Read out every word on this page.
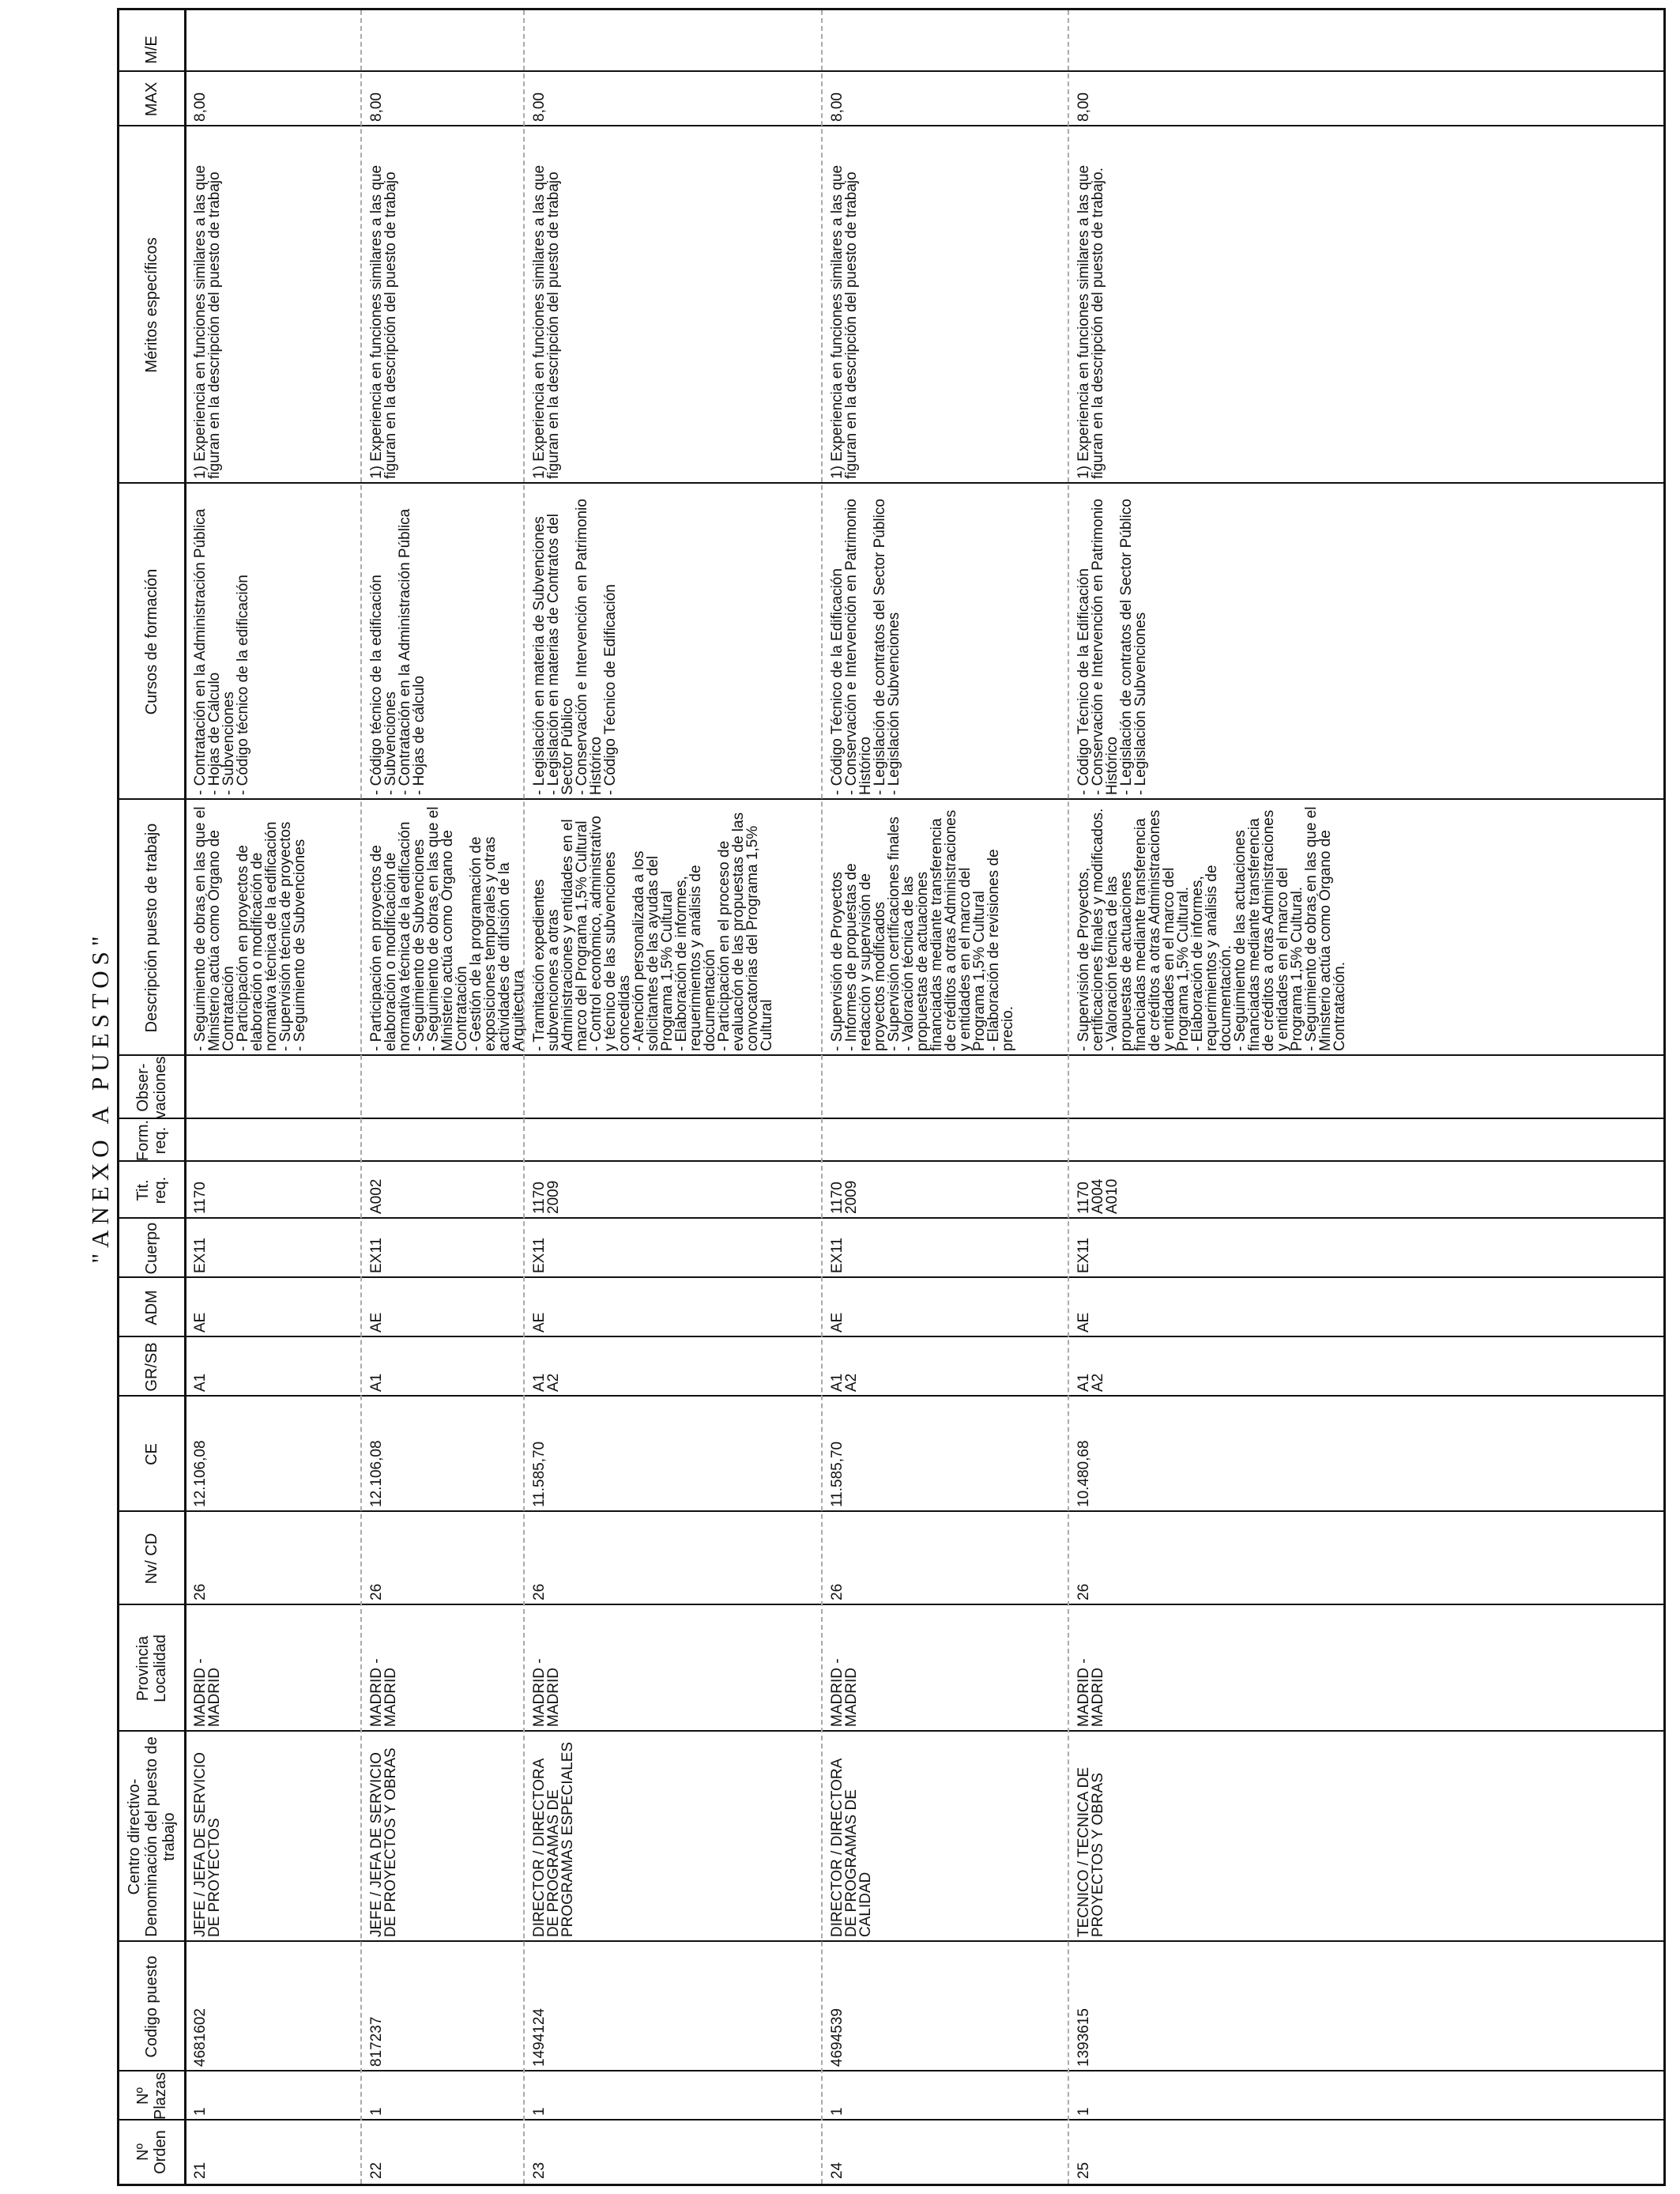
"ANEXO A PUESTOS"
Nº Orden
Nº Plazas
Codigo puesto
Centro directivo- Denominación del puesto de trabajo
Provincia Localidad
Nv/ CD
CE
GR/SB
ADM
Cuerpo
Tit. req.
Form. req.
Obser- vaciones
Descripción puesto de trabajo
Cursos de formación
Méritos específicos
MAX
M/E
21
1
4681602
JEFE / JEFA DE SERVICIO DE PROYECTOS
MADRID - MADRID
26
12.106,08
A1
AE
EX11
1170
- Seguimiento de obras en las que el Ministerio actúa como Órgano de Contratación
- Participación en proyectos de elaboración o modificación de normativa técnica de la edificación
- Supervisión técnica de proyectos
- Seguimiento de Subvenciones
- Contratación en la Administración Pública
- Hojas de Cálculo
- Subvenciones
- Código técnico de la edificación
1) Experiencia en funciones similares a las que figuran en la descripción del puesto de trabajo
8,00
22
1
817237
JEFE / JEFA DE SERVICIO DE PROYECTOS Y OBRAS
MADRID - MADRID
26
12.106,08
A1
AE
EX11
A002
- Participación en proyectos de elaboración o modificación de normativa técnica de la edificación
- Seguimiento de Subvenciones
- Seguimiento de obras en las que el Ministerio actúa como Órgano de Contratación
- Gestión de la programación de exposiciones temporales y otras actividades de difusión de la Arquitectura
- Código técnico de la edificación
- Subvenciones
- Contratación en la Administración Pública
- Hojas de cálculo
1) Experiencia en funciones similares a las que figuran en la descripción del puesto de trabajo
8,00
23
1
1494124
DIRECTOR / DIRECTORA DE PROGRAMAS DE PROGRAMAS ESPECIALES
MADRID - MADRID
26
11.585,70
A1
A2
AE
EX11
1170
2009
- Tramitación expedientes subvenciones a otras Administraciones y entidades en el marco del Programa 1,5% Cultural
- Control económico, administrativo y técnico de las subvenciones concedidas
- Atención personalizada a los solicitantes de las ayudas del Programa 1,5% Cultural
- Elaboración de informes, requerimientos y análisis de documentación
- Participación en el proceso de evaluación de las propuestas de las convocatorias del Programa 1,5% Cultural
- Legislación en materia de Subvenciones
- Legislación en materias de Contratos del Sector Público
- Conservación e Intervención en Patrimonio Histórico
- Código Técnico de Edificación
1) Experiencia en funciones similares a las que figuran en la descripción del puesto de trabajo
8,00
24
1
4694539
DIRECTOR / DIRECTORA DE PROGRAMAS DE CALIDAD
MADRID - MADRID
26
11.585,70
A1
A2
AE
EX11
1170
2009
- Supervisión de Proyectos
- Informes de propuestas de redacción y supervisión de proyectos modificados
- Supervisión certificaciones finales
- Valoración técnica de las propuestas de actuaciones financiadas mediante transferencia de créditos a otras Administraciones y entidades en el marco del Programa 1,5% Cultural
- Elaboración de revisiones de precio.
- Código Técnico de la Edificación
- Conservación e Intervención en Patrimonio Histórico
- Legislación de contratos del Sector Público
- Legislación Subvenciones
1) Experiencia en funciones similares a las que figuran en la descripción del puesto de trabajo
8,00
25
1
1393615
TECNICO / TECNICA DE PROYECTOS Y OBRAS
MADRID - MADRID
26
10.480,68
A1
A2
AE
EX11
1170
A004
A010
- Supervisión de Proyectos, certificaciones finales y modificados.
- Valoración técnica de las propuestas de actuaciones financiadas mediante transferencia de créditos a otras Administraciones y entidades en el marco del Programa 1,5% Cultural.
- Elaboración de informes, requerimientos y análisis de documentación.
- Seguimiento de las actuaciones financiadas mediante transferencia de créditos a otras Administraciones y entidades en el marco del Programa 1,5% Cultural.
- Seguimiento de obras en las que el Ministerio actúa como Órgano de Contratación.
- Código Técnico de la Edificación
- Conservación e Intervención en Patrimonio Histórico
- Legislación de contratos del Sector Público
- Legislación Subvenciones
1) Experiencia en funciones similares a las que figuran en la descripción del puesto de trabajo.
8,00
